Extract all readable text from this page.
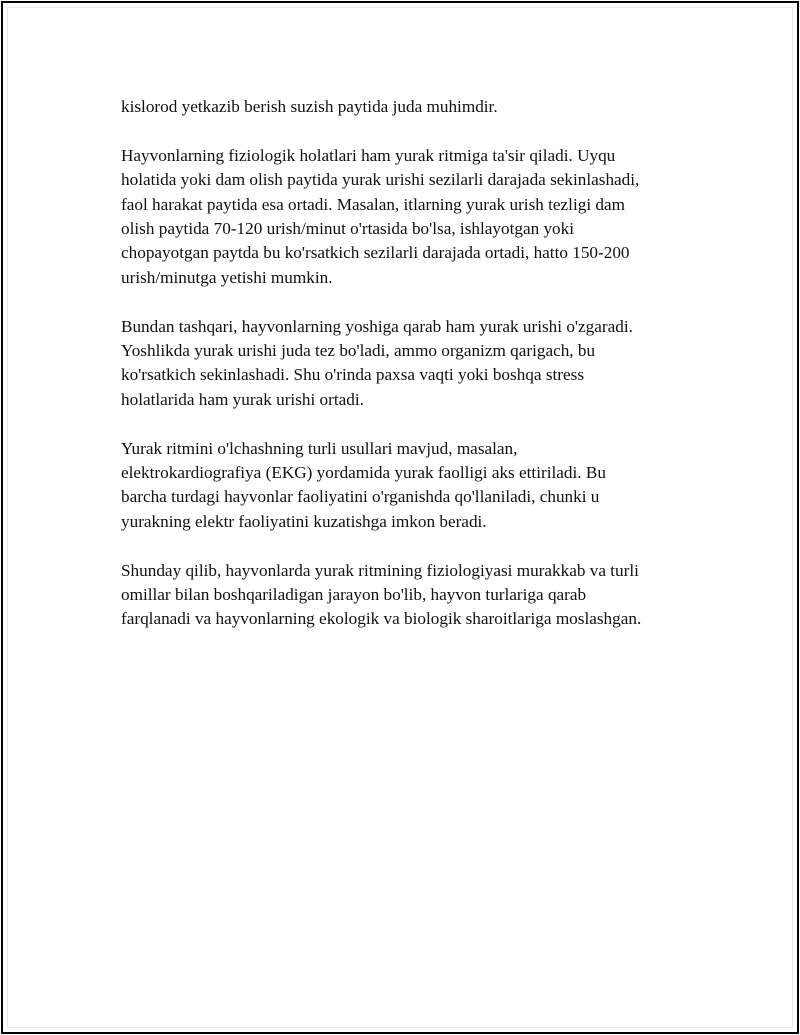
kislorod yetkazib berish suzish paytida juda muhimdir.

Hayvonlarning fiziologik holatlari ham yurak ritmiga ta'sir qiladi. Uyqu
holatida yoki dam olish paytida yurak urishi sezilarli darajada sekinlashadi,
faol harakat paytida esa ortadi. Masalan, itlarning yurak urish tezligi dam
olish paytida 70-120 urish/minut o'rtasida bo'lsa, ishlayotgan yoki
chopayotgan paytda bu ko'rsatkich sezilarli darajada ortadi, hatto 150-200
urish/minutga yetishi mumkin.

Bundan tashqari, hayvonlarning yoshiga qarab ham yurak urishi o'zgaradi.
Yoshlikda yurak urishi juda tez bo'ladi, ammo organizm qarigach, bu
ko'rsatkich sekinlashadi. Shu o'rinda paxsa vaqti yoki boshqa stress
holatlarida ham yurak urishi ortadi.

Yurak ritmini o'lchashning turli usullari mavjud, masalan,
elektrokardiografiya (EKG) yordamida yurak faolligi aks ettiriladi. Bu
barcha turdagi hayvonlar faoliyatini o'rganishda qo'llaniladi, chunki u
yurakning elektr faoliyatini kuzatishga imkon beradi.

Shunday qilib, hayvonlarda yurak ritmining fiziologiyasi murakkab va turli
omillar bilan boshqariladigan jarayon bo'lib, hayvon turlariga qarab
farqlanadi va hayvonlarning ekologik va biologik sharoitlariga moslashgan.
